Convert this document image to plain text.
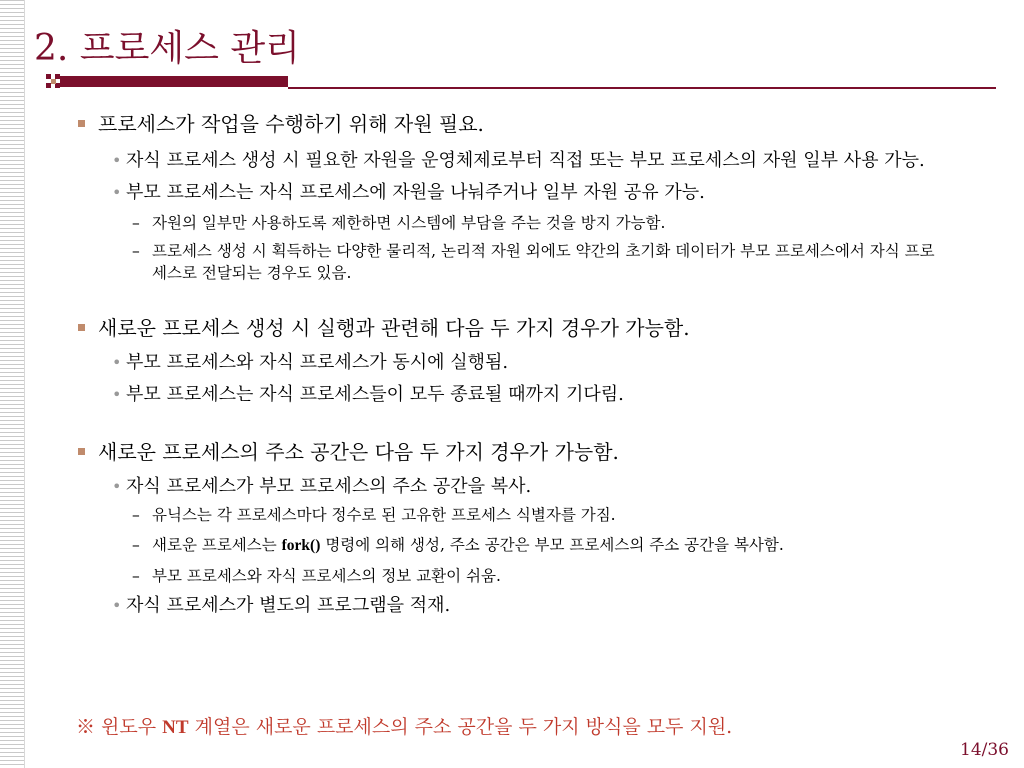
2. 프로세스 관리

프로세스가 작업을 수행하기 위해 자원 필요.

• 자식 프로세스 생성 시 필요한 자원을 운영체제로부터 직접 또는 부모 프로세스의 자원 일부 사용 가능.

• 부모 프로세스는 자식 프로세스에 자원을 나눠주거나 일부 자원 공유 가능.

– 자원의 일부만 사용하도록 제한하면 시스템에 부담을 주는 것을 방지 가능함.

– 프로세스 생성 시 획득하는 다양한 물리적, 논리적 자원 외에도 약간의 초기화 데이터가 부모 프로세스에서 자식 프로세스로 전달되는 경우도 있음.

새로운 프로세스 생성 시 실행과 관련해 다음 두 가지 경우가 가능함.

• 부모 프로세스와 자식 프로세스가 동시에 실행됨.

• 부모 프로세스는 자식 프로세스들이 모두 종료될 때까지 기다림.

새로운 프로세스의 주소 공간은 다음 두 가지 경우가 가능함.

• 자식 프로세스가 부모 프로세스의 주소 공간을 복사.

– 유닉스는 각 프로세스마다 정수로 된 고유한 프로세스 식별자를 가짐.

– 새로운 프로세스는 fork() 명령에 의해 생성, 주소 공간은 부모 프로세스의 주소 공간을 복사함.

– 부모 프로세스와 자식 프로세스의 정보 교환이 쉬움.

• 자식 프로세스가 별도의 프로그램을 적재.

※ 윈도우 NT 계열은 새로운 프로세스의 주소 공간을 두 가지 방식을 모두 지원.
14/36
